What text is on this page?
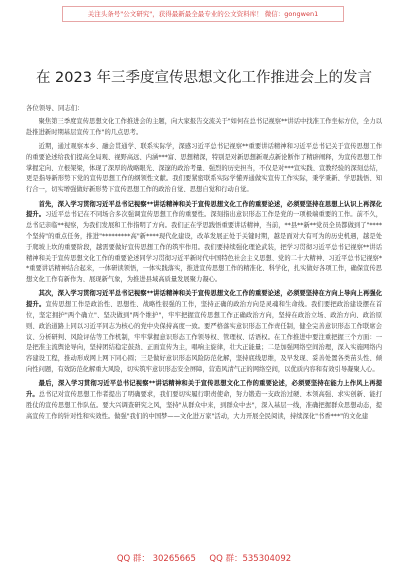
关注头条号"公文研究"，获得最新最全最专业的公文资料库！ 微信：gongwen1
在 2023 年三季度宣传思想文化工作推进会上的发言
各位领导、同志们：

聚焦第三季度宣传思想文化工作推进会的主题，向大家报告交流关于"如何在总书记视察**讲话中找准工作坐标方位，全力以赴推进新时期基层宣传工作"的几点思考。

近期，通过观察本乡、融会贯通学、联系实际学，深感习近平总书记视察**重要讲话精神和习近平总书记关于宣传思想工作的重要论述给我们提高全局观、视野高远、内涵***富、思想精深，特别是对新思想新观点新论断作了精辟阐释，为宣传思想工作掌握定向、立根架梁，体现了深厚的战略眼光、深邃的政治考量、强烈的历史担当，不仅是对***宣实践、宣教经验的深刻总结，更是指导新形势下党的宣传思想工作的纲领性文献。我们要紧密联系实际学懂弄通做实宣传工作实际，秉学秉新、学思践悟、知行合一，切实增强做好新形势下宣传思想工作的政治自觉、思想自觉和行动自觉。

首先，深入学习贯彻习近平总书记视察**讲话精神和关于宣传思想文化工作的重要论述，必须要坚持在思想上认识上再深化提升。习近平总书记在不同场合多次强调宣传思想工作的重要性。深刻指出意识形态工作是党的一项极端重要的工作。前不久，总书记亲临**视察，为我们发展和工作指明了方向。我们正在学思践悟重要讲话精神，当前，**县**新**党员全员都做到了"****个坚持"的重点任务，推进"*********高"新****现代化建设，改革发展正处于关键时期，越是面对大有可为的历史机遇，越是处于爬坡上坎的重要阶段，越需要做好宣传思想工作的筑牢作用。我们要持续强化理论武装，把学习贯彻习近平总书记视察**讲话精神和关于宣传思想文化工作的重要论述同学习贯彻习近平新时代中国特色社会主义思想、党的二十大精神、习近平总书记视察**重要讲话精神结合起来，一体研读领悟，一体实践落实，推进宣传思想工作的精准化、科学化，扎实做好各项工作，确保宣传思想文化工作有新作为、展现新气象，为推进县域高质量发展聚力凝心。

其次，深入学习贯彻习近平总书记视察**讲话精神和关于宣传思想文化工作的重要论述，必须要坚持在方向上导向上再强化提升。宣传思想工作是政治性、思想性、战略性很强的工作，坚持正确的政治方向是灵魂和生命线。我们要把政治建设摆在首位，坚定拥护"两个确立"、坚决做到"两个维护"，牢牢把握宣传思想工作正确政治方向，坚持在政治立场、政治方向、政治原则、政治道路上同以习近平同志为核心的党中央保持高度一致。要严格落实意识形态工作责任制，健全完善意识形态工作联席会议、分析研判、风险评估等工作机制，牢牢掌握意识形态工作领导权、管理权、话语权。在工作推进中要注重把握三个方面：一是把准主流舆论导向，坚持团结稳定鼓劲、正面宣传为主，唱响主旋律，壮大正能量；二是加强网络空间治理，深入实施网络内容建设工程，推动形成网上网下同心圆；三是做好意识形态风险防范化解，坚持底线思维，及早发现、妥善处置各类苗头性、倾向性问题，有效防范化解重大风险，切实筑牢意识形态安全屏障，营造风清气正的网络空间，以优质内容和有效引导凝聚人心。

最后，深入学习贯彻习近平总书记视察**讲话精神和关于宣传思想文化工作的重要论述，必须要坚持在能力上作风上再提升。总书记对宣传思想工作者提出了明确要求，我们要切实履行职责使命，努力锻造一支政治过硬、本领高强、求实创新、能打胜仗的宣传思想工作队伍。要大兴调查研究之风，坚持"从群众中来，到群众中去"，深入基层一线，准确把握群众思想动态，提高宣传工作的针对性和实效性。做强"我们的中国梦——文化进万家"活动，大力开展全民阅读，持续深化"书香***"的文化建

QQ 群： 30265665     QQ 群：535304092
